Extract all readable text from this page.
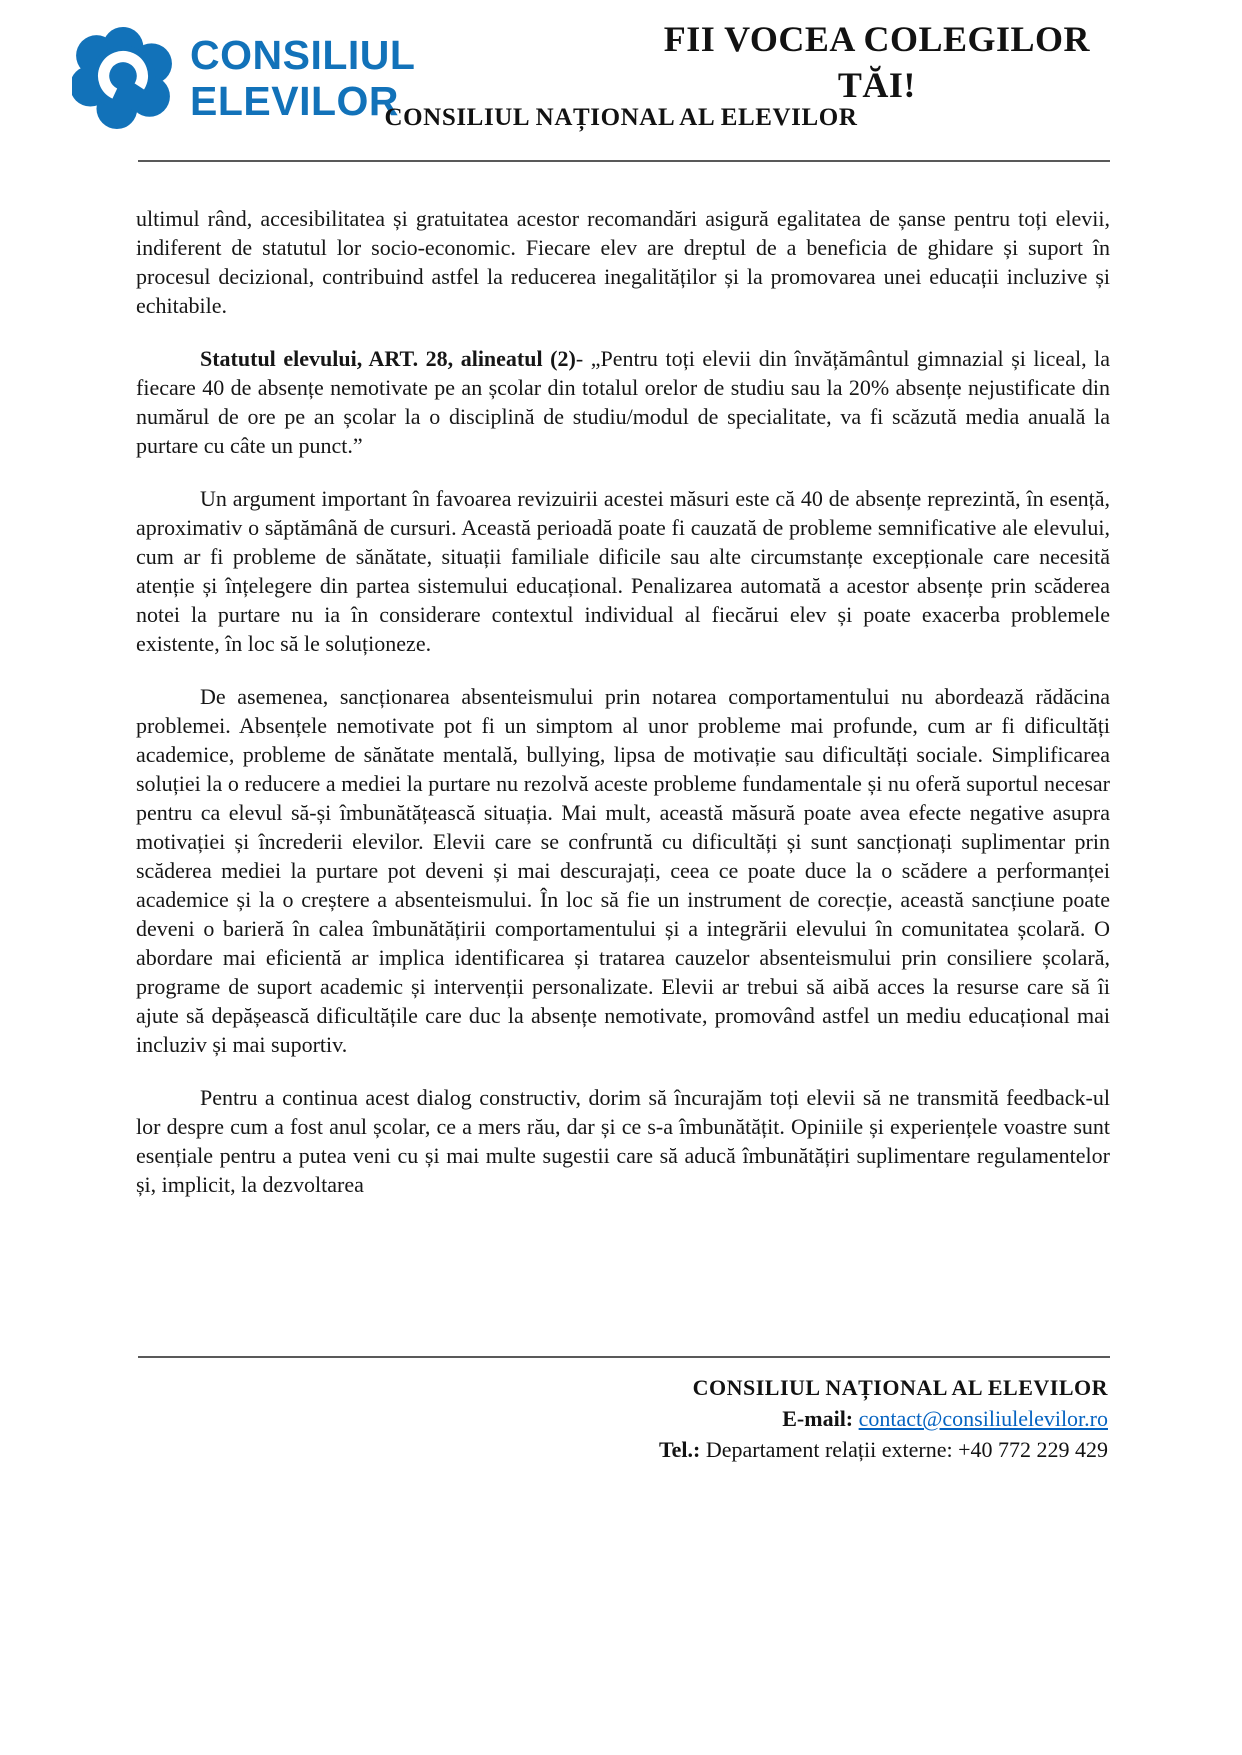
CONSILIUL
ELEVILOR
FII VOCEA COLEGILOR
TĂI!
CONSILIUL NAȚIONAL AL ELEVILOR

ultimul rând, accesibilitatea și gratuitatea acestor recomandări asigură egalitatea de șanse pentru toți elevii, indiferent de statutul lor socio-economic. Fiecare elev are dreptul de a beneficia de ghidare și suport în procesul decizional, contribuind astfel la reducerea inegalităților și la promovarea unei educații incluzive și echitabile.

Statutul elevului, ART. 28, alineatul (2)- „Pentru toți elevii din învățământul gimnazial și liceal, la fiecare 40 de absențe nemotivate pe an școlar din totalul orelor de studiu sau la 20% absențe nejustificate din numărul de ore pe an școlar la o disciplină de studiu/modul de specialitate, va fi scăzută media anuală la purtare cu câte un punct.”

Un argument important în favoarea revizuirii acestei măsuri este că 40 de absențe reprezintă, în esență, aproximativ o săptămână de cursuri. Această perioadă poate fi cauzată de probleme semnificative ale elevului, cum ar fi probleme de sănătate, situații familiale dificile sau alte circumstanțe excepționale care necesită atenție și înțelegere din partea sistemului educațional. Penalizarea automată a acestor absențe prin scăderea notei la purtare nu ia în considerare contextul individual al fiecărui elev și poate exacerba problemele existente, în loc să le soluționeze.

De asemenea, sancționarea absenteismului prin notarea comportamentului nu abordează rădăcina problemei. Absențele nemotivate pot fi un simptom al unor probleme mai profunde, cum ar fi dificultăți academice, probleme de sănătate mentală, bullying, lipsa de motivație sau dificultăți sociale. Simplificarea soluției la o reducere a mediei la purtare nu rezolvă aceste probleme fundamentale și nu oferă suportul necesar pentru ca elevul să-și îmbunătățească situația. Mai mult, această măsură poate avea efecte negative asupra motivației și încrederii elevilor. Elevii care se confruntă cu dificultăți și sunt sancționați suplimentar prin scăderea mediei la purtare pot deveni și mai descurajați, ceea ce poate duce la o scădere a performanței academice și la o creștere a absenteismului. În loc să fie un instrument de corecție, această sancțiune poate deveni o barieră în calea îmbunătățirii comportamentului și a integrării elevului în comunitatea școlară. O abordare mai eficientă ar implica identificarea și tratarea cauzelor absenteismului prin consiliere școlară, programe de suport academic și intervenții personalizate. Elevii ar trebui să aibă acces la resurse care să îi ajute să depășească dificultățile care duc la absențe nemotivate, promovând astfel un mediu educațional mai incluziv și mai suportiv.

Pentru a continua acest dialog constructiv, dorim să încurajăm toți elevii să ne transmită feedback-ul lor despre cum a fost anul școlar, ce a mers rău, dar și ce s-a îmbunătățit. Opiniile și experiențele voastre sunt esențiale pentru a putea veni cu și mai multe sugestii care să aducă îmbunătățiri suplimentare regulamentelor și, implicit, la dezvoltarea

CONSILIUL NAȚIONAL AL ELEVILOR
E-mail: contact@consiliulelevilor.ro
Tel.: Departament relații externe: +40 772 229 429
